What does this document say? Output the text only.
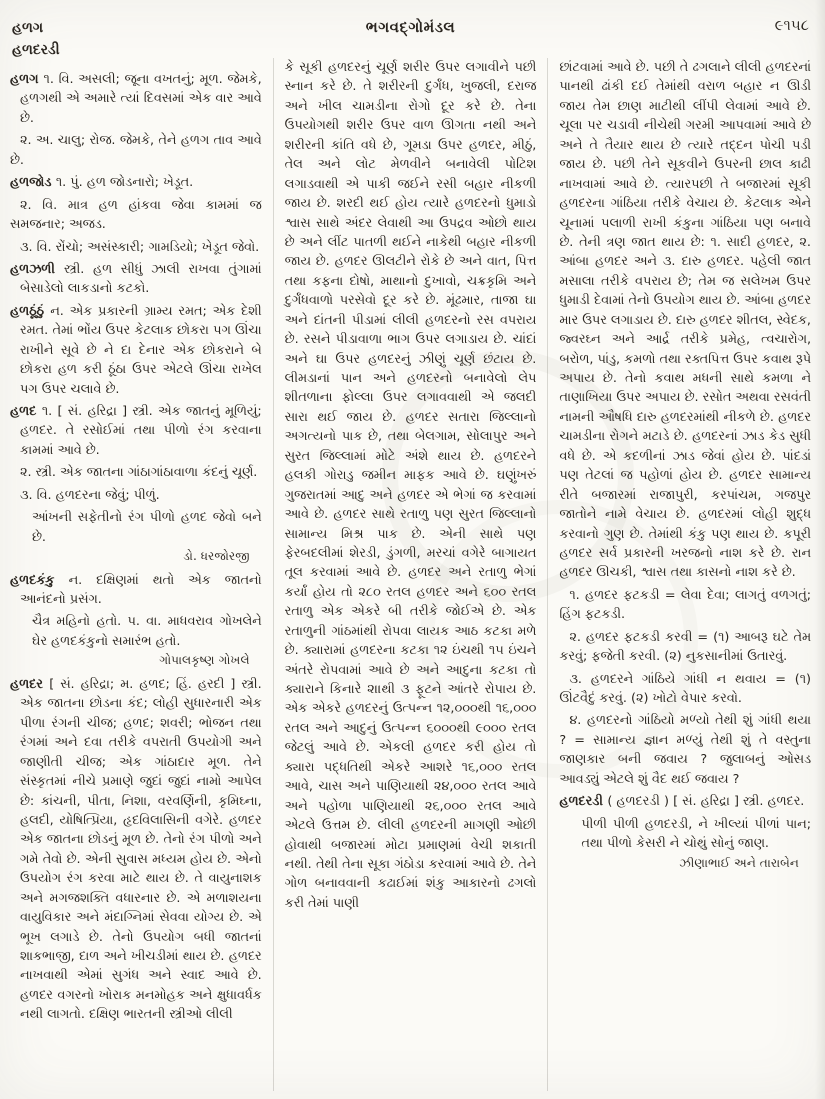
હળગ
હળદરડી
ભગવદ્ગોમંડલ	૯૧૫૮

હળગ ૧. વિ. અસલી; જૂના વખતનું; મૂળ. જેમકે, હળગથી એ અમારે ત્યાં દિવસમાં એક વાર આવે છે.

૨. અ. ચાલુ; રોજ. જેમકે, તેને હળગ તાવ આવે છે.

હળજોડ ૧. પું. હળ જોડનારો; ખેડૂત.

૨. વિ. માત્ર હળ હાંકવા જેવા કામમાં જ સમજનાર; અજડ.

૩. વિ. રોંચો; અસંસ્કારી; ગામડિયો; ખેડૂત જેવો.

હળઝળી સ્ત્રી. હળ સીધું ઝાલી રાખવા તુંગામાં બેસાડેલો લાકડાનો કટકો.

હળઠૂંઠું ન. એક પ્રકારની ગ્રામ્ય રમત; એક દેશી રમત. તેમાં ભોંય ઉપર કેટલાક છોકરા પગ ઊંચા રાખીને સૂવે છે ને દા દેનાર એક છોકરાને બે છોકરા હળ કરી ઠૂંઠા ઉપર એટલે ઊંચા રાખેલ પગ ઉપર ચલાવે છે.

હળદ ૧. [ સં. હરિદ્રા ] સ્ત્રી. એક જાતનું મૂળિયું; હળદર. તે રસોઈમાં તથા પીળો રંગ કરવાના કામમાં આવે છે.

૨. સ્ત્રી. એક જાતના ગાંઠાગાંઠાવાળા કંદનું ચૂર્ણ.

૩. વિ. હળદરના જેવું; પીળું.

આંખની સફેતીનો રંગ પીળો હળદ જેવો બને છે.

ડો. ધરજોરજી

હળદકંકુ ન. દક્ષિણમાં થતો એક જાતનો આનંદનો પ્રસંગ.

ચૈત્ર મહિનો હતો. પ. વા. માધવરાવ ગોખલેને ઘેર હળદકંકુનો સમારંભ હતો.

ગોપાલકૃષ્ણ ગોખલે

હળદર [ સં. હરિદ્રા; મ. હળદ; હિં. હરદી ] સ્ત્રી. એક જાતના છોડના કંદ; લોહી સુધારનારી એક પીળા રંગની ચીજ; હળદ; શવરી; ભોજન તથા રંગમાં અને દવા તરીકે વપરાતી ઉપયોગી અને જાણીતી ચીજ; એક ગાંઠાદાર મૂળ. તેને સંસ્કૃતમાં નીચે પ્રમાણે જુદાં જુદાં નામો આપેલ છે: કાંચની, પીતા, નિશા, વરવર્ણિની, કૃમિઘ્ના, હલદી, યોષિત્પ્રિયા, હૃદવિલાસિની વગેરે. હળદર એક જાતના છોડનું મૂળ છે. તેનો રંગ પીળો અને ગમે તેવો છે. એની સુવાસ મધ્યમ હોય છે. એનો ઉપયોગ રંગ કરવા માટે થાય છે. તે વાયુનાશક અને મગજશક્તિ વધારનાર છે. એ મળાશયના વાયુવિકાર અને મંદાગ્નિમાં સેવવા યોગ્ય છે. એ ભૂખ લગાડે છે. તેનો ઉપયોગ બધી જાતનાં શાકભાજી, દાળ અને ખીચડીમાં થાય છે. હળદર નાખવાથી એમાં સુગંધ અને સ્વાદ આવે છે. હળદર વગરનો ખોરાક મનમોહક અને ક્ષુધાવર્ધક નથી લાગતો. દક્ષિણ ભારતની સ્ત્રીઓ લીલી

કે સૂકી હળદરનું ચૂર્ણ શરીર ઉપર લગાવીને પછી સ્નાન કરે છે. તે શરીરની દુર્ગંધ, ખુજલી, દરાજ અને ખીલ ચામડીના રોગો દૂર કરે છે. તેના ઉપયોગથી શરીર ઉપર વાળ ઊગતા નથી અને શરીરની કાંતિ વધે છે, ગૂમડા ઉપર હળદર, મીઠું, તેલ અને લોટ મેળવીને બનાવેલી પોટિશ લગાડવાથી એ પાકી જઈને રસી બહાર નીકળી જાય છે. શરદી થઈ હોય ત્યારે હળદરનો ધુમાડો શ્વાસ સાથે અંદર લેવાથી આ ઉપદ્રવ ઓછો થાય છે અને લીંટ પાતળી થઈને નાકેથી બહાર નીકળી જાય છે. હળદર ઊલટીને રોકે છે અને વાત, પિત્ત તથા કફના દોષો, માથાનો દુખાવો, ચક્રકૃમિ અને દુર્ગંધવાળો પરસેવો દૂર કરે છે. મૂંઢમાર, તાજા ઘા અને દાંતની પીડામાં લીલી હળદરનો રસ વપરાય છે. રસને પીડાવાળા ભાગ ઉપર લગાડાય છે. ચાંદાં અને ઘા ઉપર હળદરનું ઝીણું ચૂર્ણ છંટાય છે. લીમડાનાં પાન અને હળદરનો બનાવેલો લેપ શીતળાના ફોલ્લા ઉપર લગાવવાથી એ જલદી સારા થઈ જાય છે. હળદર સતારા જિલ્લાનો અગત્યનો પાક છે, તથા બેલગામ, સોલાપુર અને સુરત જિલ્લામાં મોટે અંશે થાય છે. હળદરને હલકી ગોરાડુ જમીન માફક આવે છે. ઘણુંખરું ગુજરાતમાં આદુ અને હળદર એ ભેગાં જ કરવામાં આવે છે. હળદર સાથે રતાળુ પણ સુરત જિલ્લાનો સામાન્ય મિશ્ર પાક છે. એની સાથે પણ ફેરબદલીમાં શેરડી, ડુંગળી, મરચાં વગેરે બાગાયત તૂલ કરવામાં આવે છે. હળદર અને રતાળુ ભેગાં કર્યાં હોય તો ૨૮૦ રતલ હળદર અને ૬૦૦ રતલ રતાળુ એક એકરે બી તરીકે જોઈએ છે. એક રતાળુની ગાંઠમાંથી રોપવા લાયક આઠ કટકા મળે છે. ક્યારામાં હળદરના કટકા ૧૨ ઇંચથી ૧૫ ઇંચને અંતરે રોપવામાં આવે છે અને આદુના કટકા તો ક્યારાને કિનારે ૨॥થી ૩ ફૂટને આંતરે રોપાય છે. એક એકરે હળદરનું ઉત્પન્ન ૧૨,૦૦૦થી ૧૬,૦૦૦ રતલ અને આદુનું ઉત્પન્ન ૬૦૦૦થી ૯૦૦૦ રતલ જેટલું આવે છે. એકલી હળદર કરી હોય તો ક્યારા પદ્ધતિથી એકરે આશરે ૧૬,૦૦૦ રતલ આવે, ચાસ અને પાણિયાથી ૨૪,૦૦૦ રતલ આવે અને પહોળા પાણિયાથી ૨૬,૦૦૦ રતલ આવે એટલે ઉત્તમ છે. લીલી હળદરની માગણી ઓછી હોવાથી બજારમાં મોટા પ્રમાણમાં વેચી શકાતી નથી. તેથી તેના સૂકા ગંઠોડા કરવામાં આવે છે. તેને ગોળ બનાવવાની કઢાઈમાં શંકુ આકારનો ઢગલો કરી તેમાં પાણી

છાંટવામાં આવે છે. પછી તે ઢગલાને લીલી હળદરનાં પાનથી ઢાંકી દઈ તેમાંથી વરાળ બહાર ન ઊડી જાય તેમ છાણ માટીથી લીંપી લેવામાં આવે છે. ચૂલા પર ચડાવી નીચેથી ગરમી આપવામાં આવે છે અને તે તૈયાર થાય છે ત્યારે તદ્દન પોચી પડી જાય છે. પછી તેને સૂકવીને ઉપરની છાલ કાઢી નાખવામાં આવે છે. ત્યારપછી તે બજારમાં સૂકી હળદરના ગાંઠિયા તરીકે વેચાય છે. કેટલાક એને ચૂનામાં પલાળી રાખી કંકુના ગાંઠિયા પણ બનાવે છે. તેની ત્રણ જાત થાય છે: ૧. સાદી હળદર, ૨. આંબા હળદર અને ૩. દારુ હળદર. પહેલી જાત મસાલા તરીકે વપરાય છે; તેમ જ સલેખમ ઉપર ધુમાડી દેવામાં તેનો ઉપયોગ થાય છે. આંબા હળદર માર ઉપર લગાડાય છે. દારુ હળદર શીતલ, સ્વેદક, જ્વરઘ્ન અને આર્દ્ર તરીકે પ્રમેહ, ત્વચારોગ, બરોળ, પાંડુ, કમળો તથા રક્તપિત્ત ઉપર કવાથ રૂપે અપાય છે. તેનો કવાથ મધની સાથે કમળા ને તાણાખિયા ઉપર અપાય છે. રસોત અથવા રસવંતી નામની ઔષધિ દારુ હળદરમાંથી નીકળે છે. હળદર ચામડીના રોગને મટાડે છે. હળદરનાં ઝાડ કેડ સુધી વધે છે. એ કદળીનાં ઝાડ જેવાં હોય છે. પાંદડાં પણ તેટલાં જ પહોળાં હોય છે. હળદર સામાન્ય રીતે બજારમાં રાજાપુરી, કરપાંચમ, ગજપુર જાતોને નામે વેચાય છે. હળદરમાં લોહી શુદ્ધ કરવાનો ગુણ છે. તેમાંથી કંકુ પણ થાય છે. કપૂરી હળદર સર્વ પ્રકારની ખરજનો નાશ કરે છે. રાન હળદર ઊચકી, શ્વાસ તથા કાસનો નાશ કરે છે.

૧. હળદર ફટકડી = લેવા દેવા; લાગતું વળગતું; હિંગ ફટકડી.

૨. હળદર ફટકડી કરવી = (૧) આબરૂ ઘટે તેમ કરવું; ફજેતી કરવી. (૨) નુકસાનીમાં ઉતારવું.

૩. હળદરને ગાંઠિયે ગાંધી ન થવાય = (૧) ઊંટવૈદું કરવું. (૨) ખોટો વેપાર કરવો.

૪. હળદરનો ગાંઠિયો મળ્યો તેથી શું ગાંધી થયા ? = સામાન્ય જ્ઞાન મળ્યું તેથી શું તે વસ્તુના જાણકાર બની જવાય ? જુલાબનું ઓસડ આવડ્યું એટલે શું વૈદ થઈ જવાય ?

હળદરડી ( હળદરડી ) [ સં. હરિદ્રા ] સ્ત્રી. હળદર.

પીળી પીળી હળદરડી, ને ખીલ્યાં પીળાં પાન; તથા પીળો કેસરી ને ચોથું સોનું જાણ.

ઝીણાભાઈ અને તારાબેન
